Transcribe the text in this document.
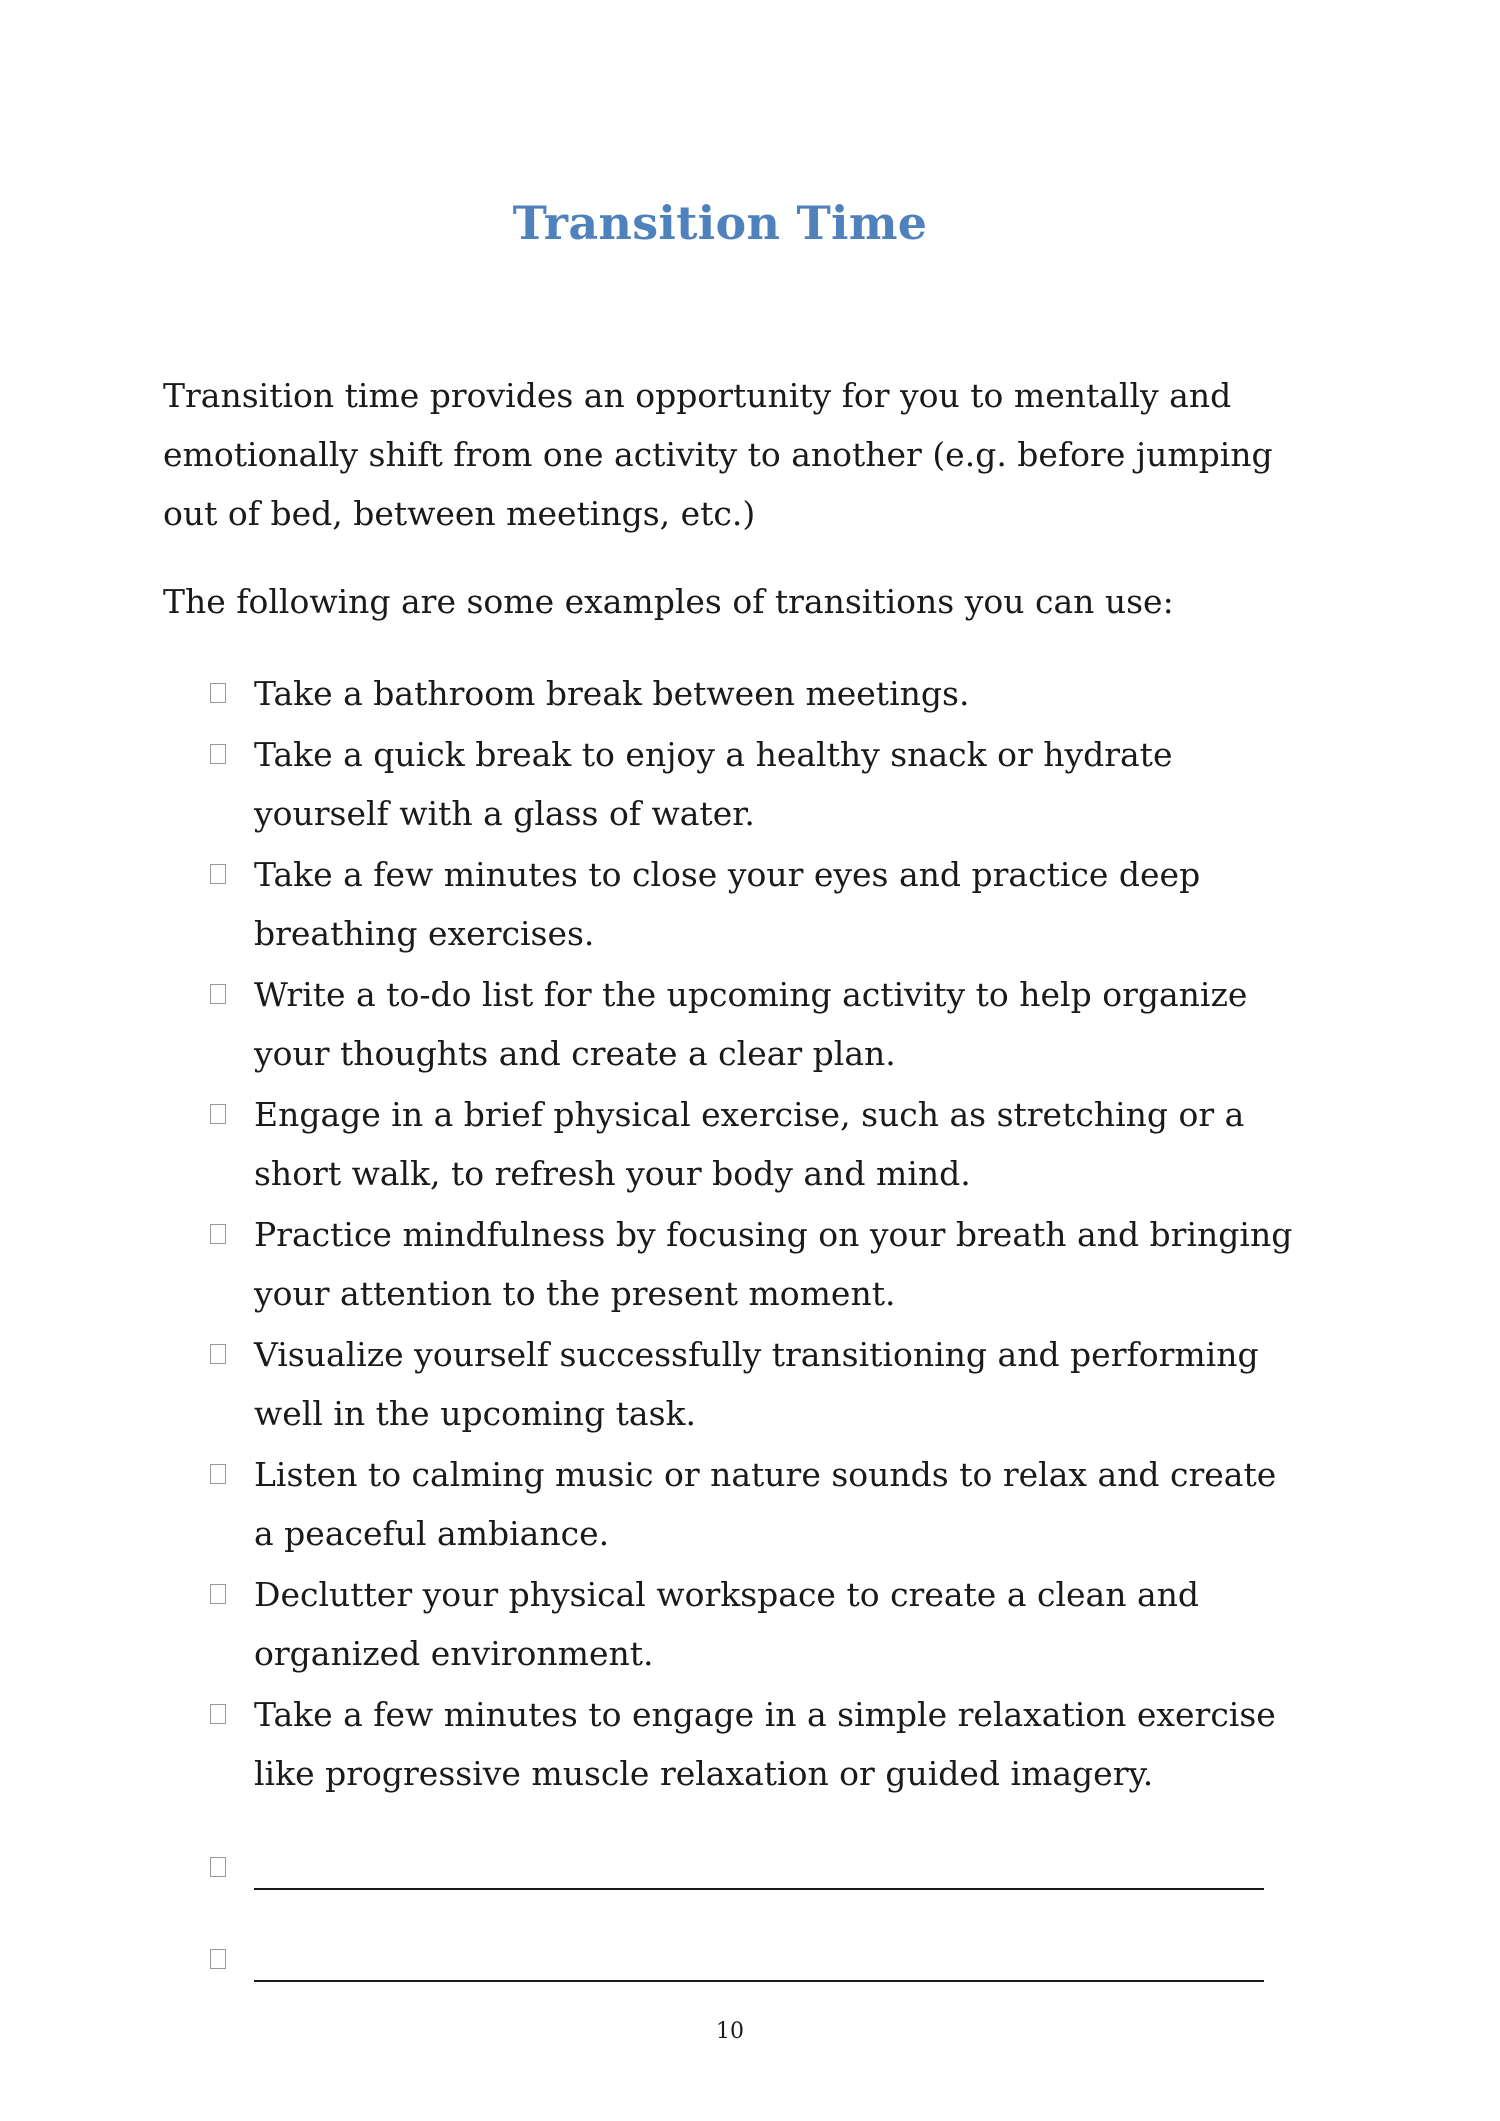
Transition Time

Transition time provides an opportunity for you to mentally and emotionally shift from one activity to another (e.g. before jumping out of bed, between meetings, etc.)

The following are some examples of transitions you can use:

Take a bathroom break between meetings.
Take a quick break to enjoy a healthy snack or hydrate yourself with a glass of water.
Take a few minutes to close your eyes and practice deep breathing exercises.
Write a to-do list for the upcoming activity to help organize your thoughts and create a clear plan.
Engage in a brief physical exercise, such as stretching or a short walk, to refresh your body and mind.
Practice mindfulness by focusing on your breath and bringing your attention to the present moment.
Visualize yourself successfully transitioning and performing well in the upcoming task.
Listen to calming music or nature sounds to relax and create a peaceful ambiance.
Declutter your physical workspace to create a clean and organized environment.
Take a few minutes to engage in a simple relaxation exercise like progressive muscle relaxation or guided imagery.
10
